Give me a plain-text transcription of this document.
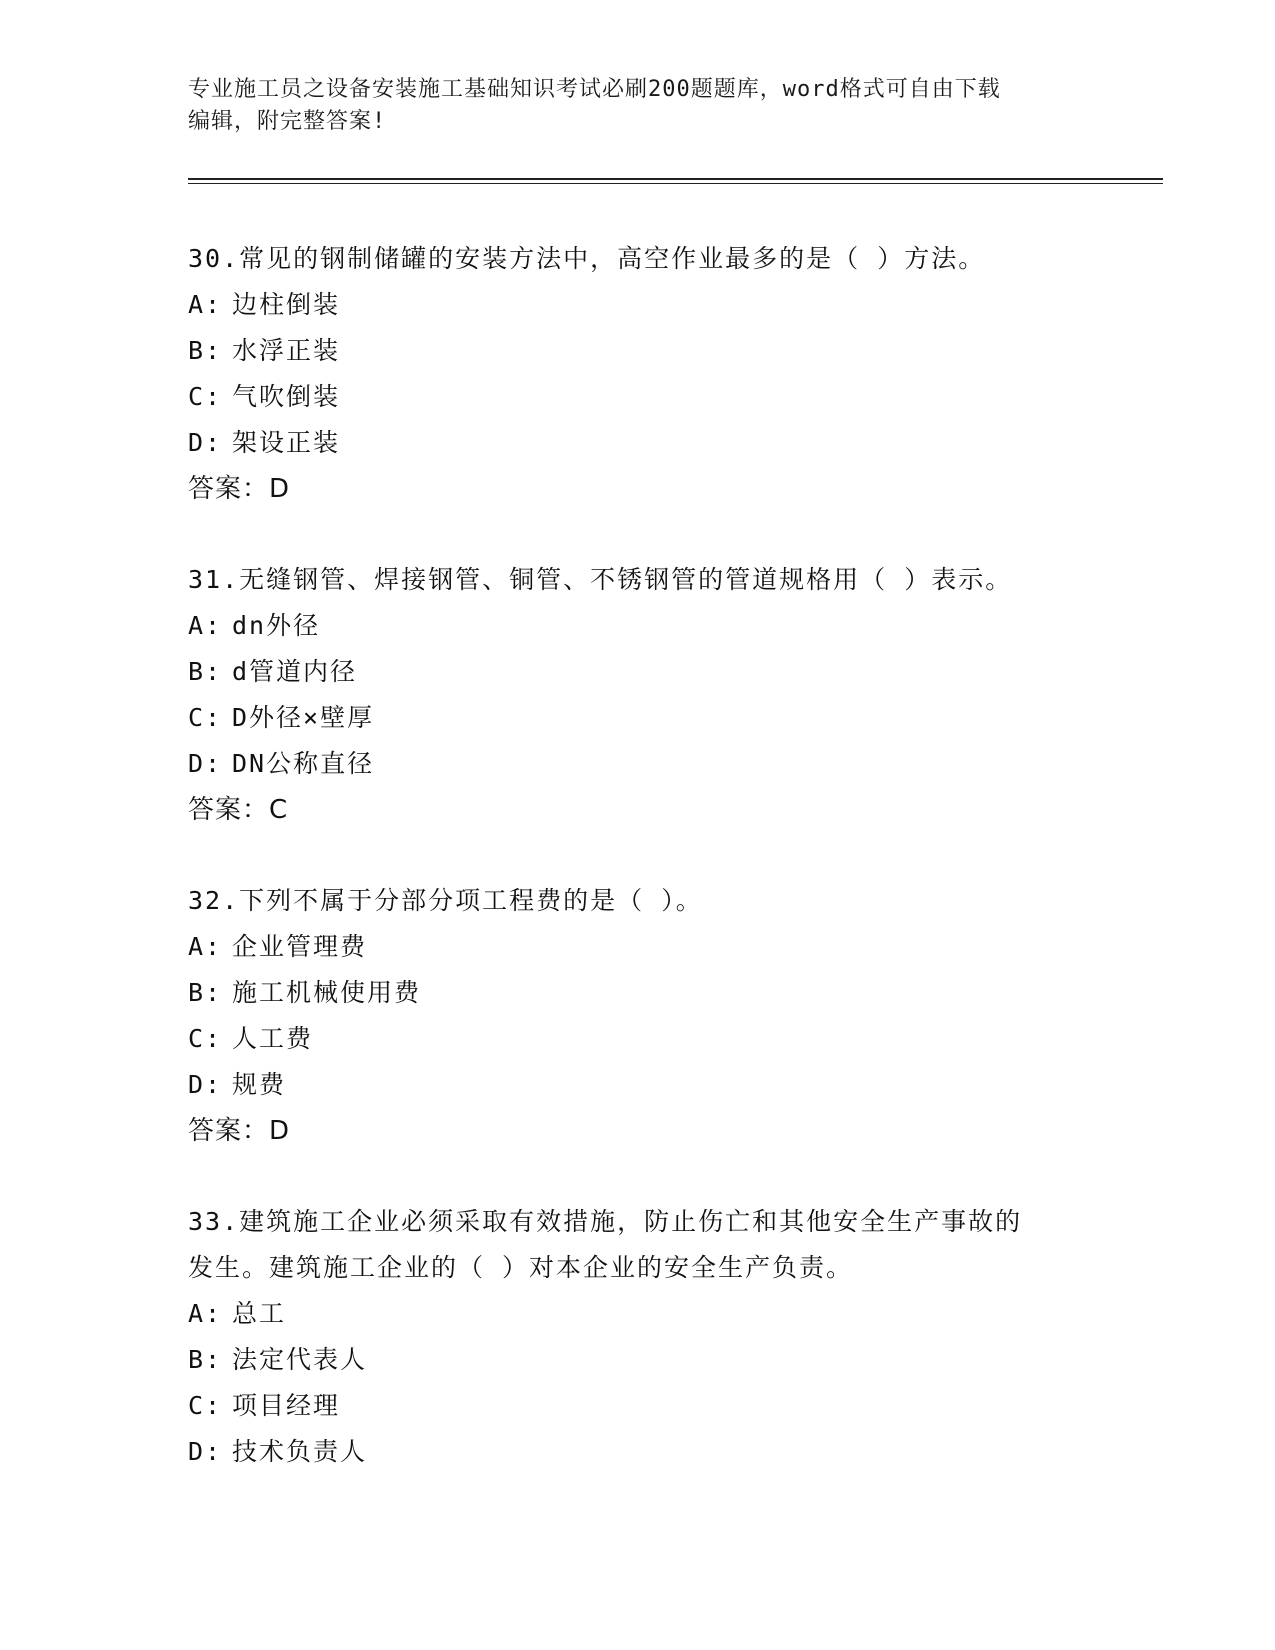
专业施工员之设备安装施工基础知识考试必刷200题题库，word格式可自由下载
编辑，附完整答案!
30.常见的钢制储罐的安装方法中，高空作业最多的是（ ）方法。
A: 边柱倒装
B: 水浮正装
C: 气吹倒装
D: 架设正装
答案：D
31.无缝钢管、焊接钢管、铜管、不锈钢管的管道规格用（ ）表示。
A: dn外径
B: d管道内径
C: D外径×壁厚
D: DN公称直径
答案：C
32.下列不属于分部分项工程费的是（ ）。
A: 企业管理费
B: 施工机械使用费
C: 人工费
D: 规费
答案：D
33.建筑施工企业必须采取有效措施，防止伤亡和其他安全生产事故的
发生。建筑施工企业的（ ）对本企业的安全生产负责。
A: 总工
B: 法定代表人
C: 项目经理
D: 技术负责人
